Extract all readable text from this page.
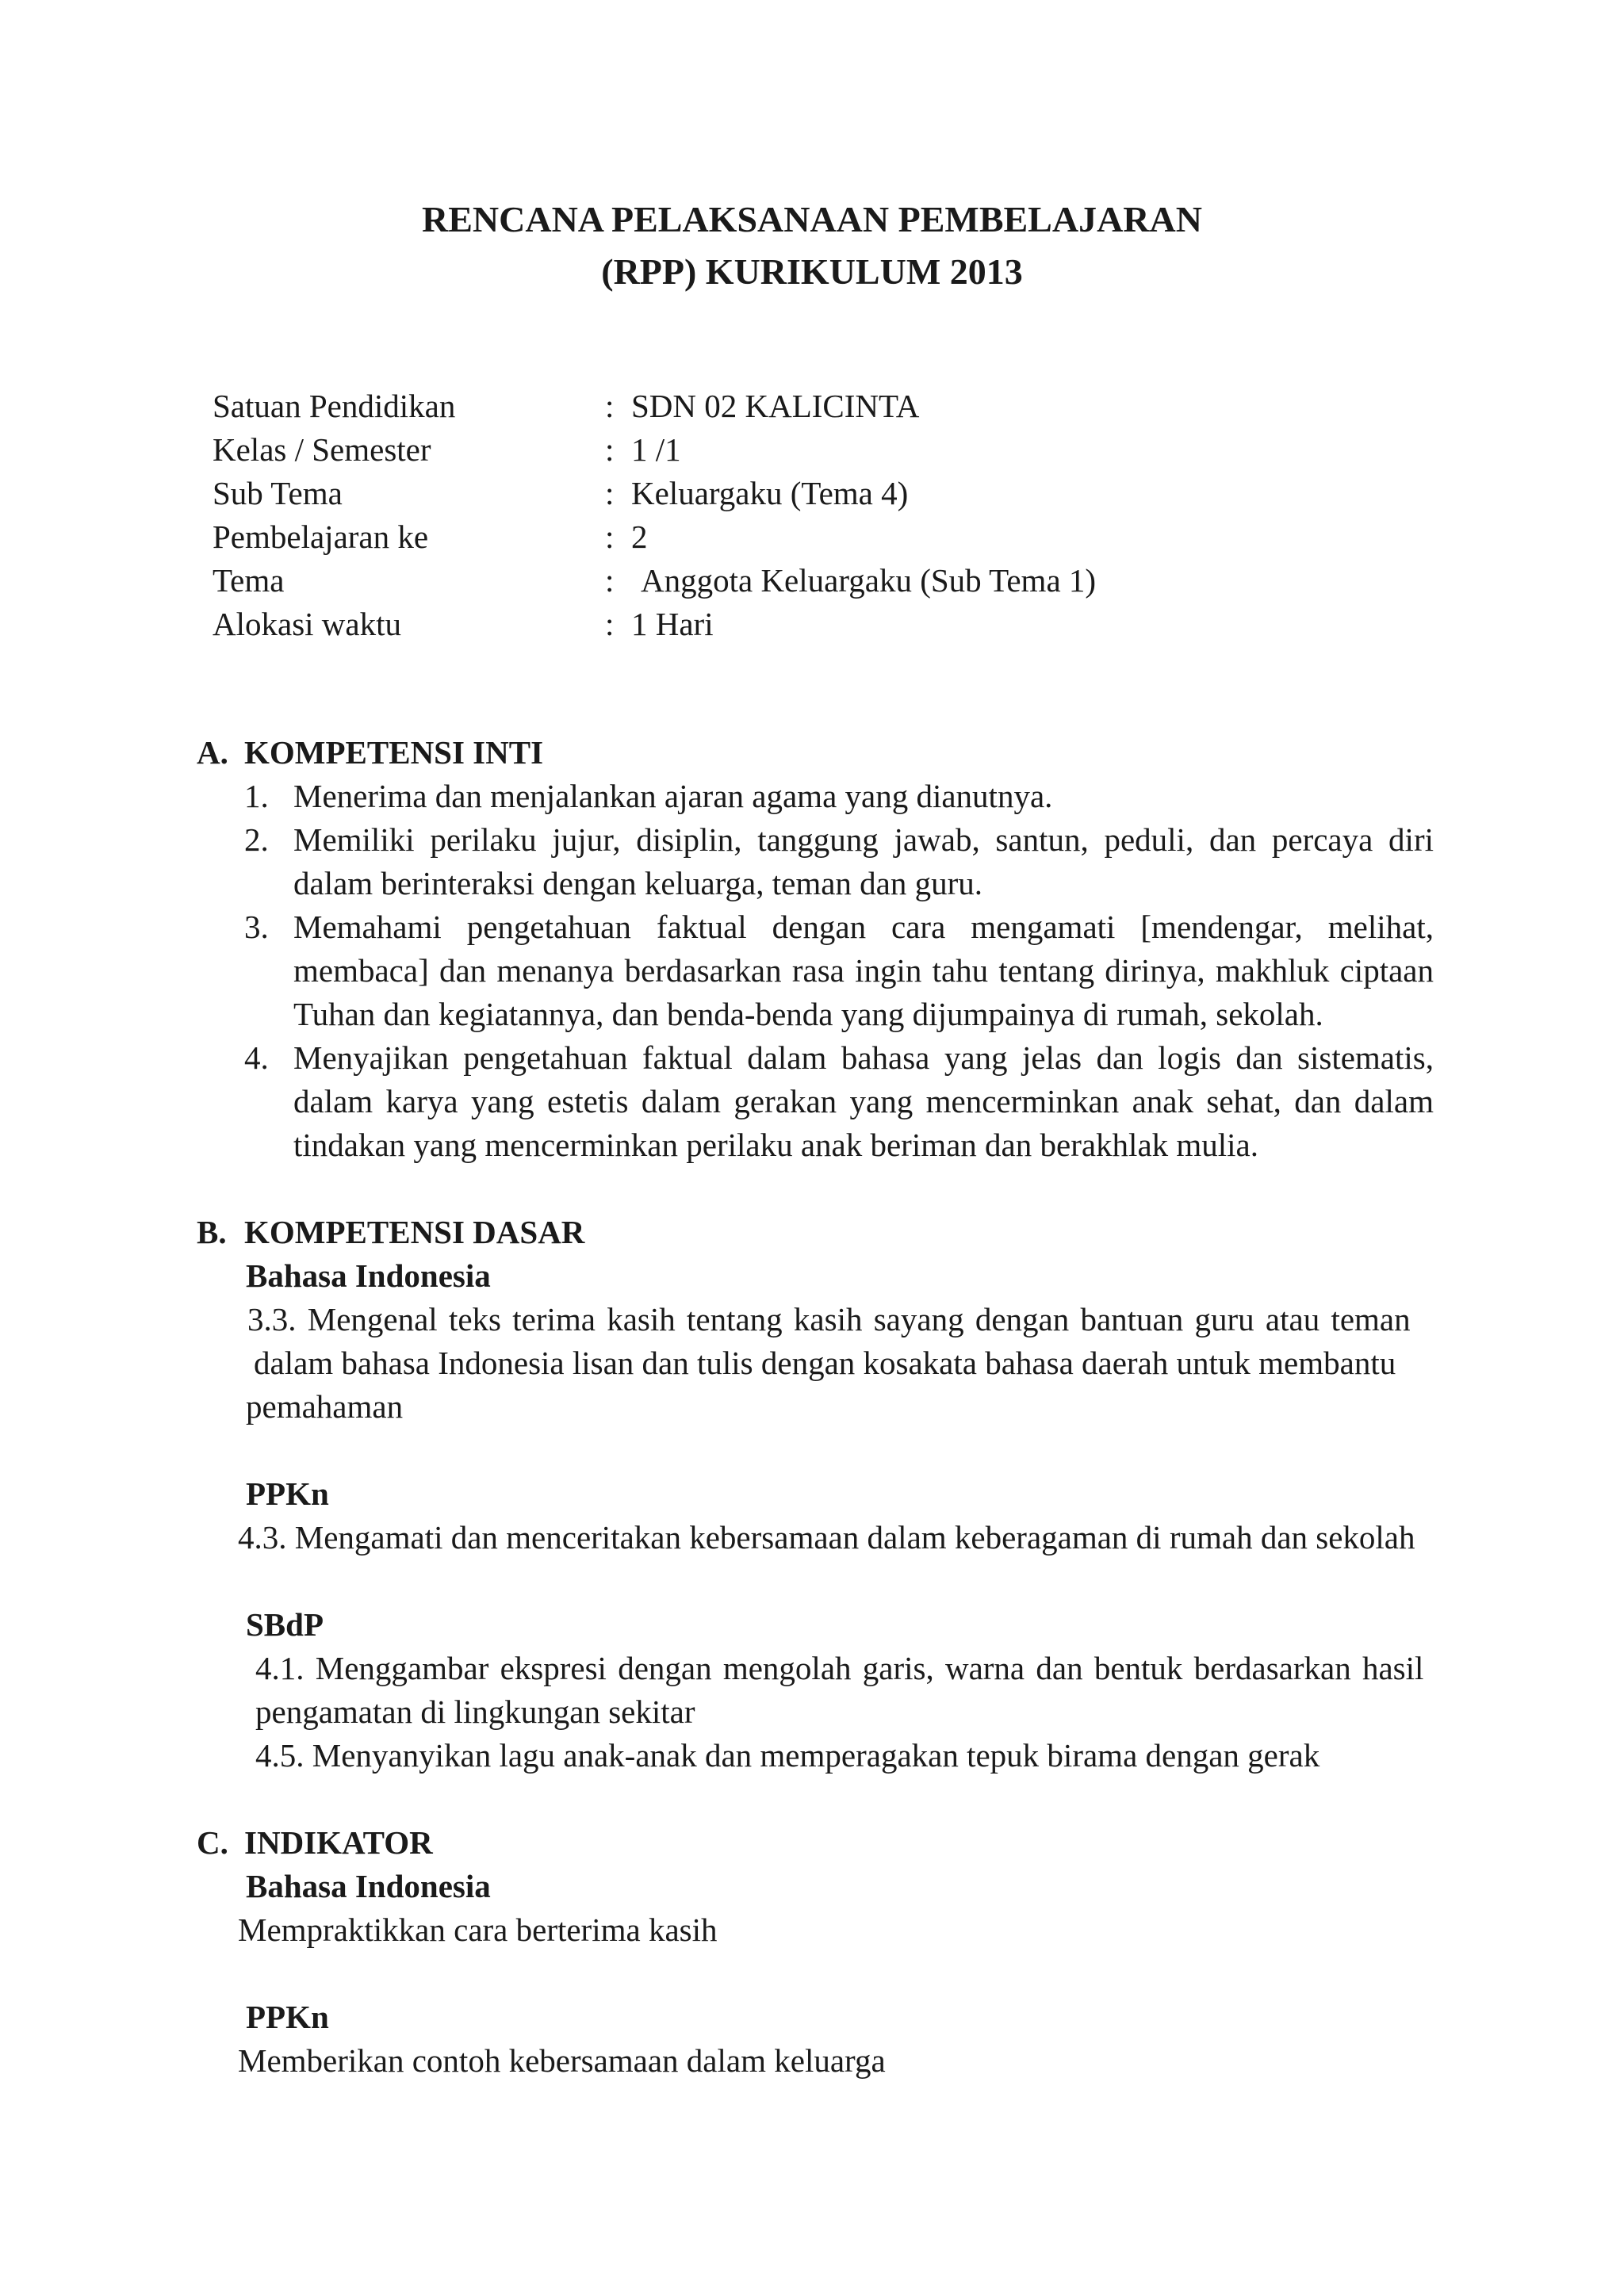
RENCANA PELAKSANAAN PEMBELAJARAN
(RPP) KURIKULUM 2013
Satuan Pendidikan	: SDN 02 KALICINTA
Kelas / Semester	: 1 /1
Sub Tema	: Keluargaku (Tema 4)
Pembelajaran ke	: 2
Tema	: Anggota Keluargaku (Sub Tema 1)
Alokasi waktu	: 1 Hari
A. KOMPETENSI INTI
1. Menerima dan menjalankan ajaran agama yang dianutnya.
2. Memiliki perilaku jujur, disiplin, tanggung jawab, santun, peduli, dan percaya diri dalam berinteraksi dengan keluarga, teman dan guru.
3. Memahami pengetahuan faktual dengan cara mengamati [mendengar, melihat, membaca] dan menanya berdasarkan rasa ingin tahu tentang dirinya, makhluk ciptaan Tuhan dan kegiatannya, dan benda-benda yang dijumpainya di rumah, sekolah.
4. Menyajikan pengetahuan faktual dalam bahasa yang jelas dan logis dan sistematis, dalam karya yang estetis dalam gerakan yang mencerminkan anak sehat, dan dalam tindakan yang mencerminkan perilaku anak beriman dan berakhlak mulia.
B. KOMPETENSI DASAR
Bahasa Indonesia
3.3. Mengenal teks terima kasih tentang kasih sayang dengan bantuan guru atau teman
dalam bahasa Indonesia lisan dan tulis dengan kosakata bahasa daerah untuk membantu
pemahaman
PPKn
4.3. Mengamati dan menceritakan kebersamaan dalam keberagaman di rumah dan sekolah
SBdP
4.1. Menggambar ekspresi dengan mengolah garis, warna dan bentuk berdasarkan hasil
pengamatan di lingkungan sekitar
4.5. Menyanyikan lagu anak-anak dan memperagakan tepuk birama dengan gerak
C. INDIKATOR
Bahasa Indonesia
Mempraktikkan cara berterima kasih
PPKn
Memberikan contoh kebersamaan dalam keluarga
